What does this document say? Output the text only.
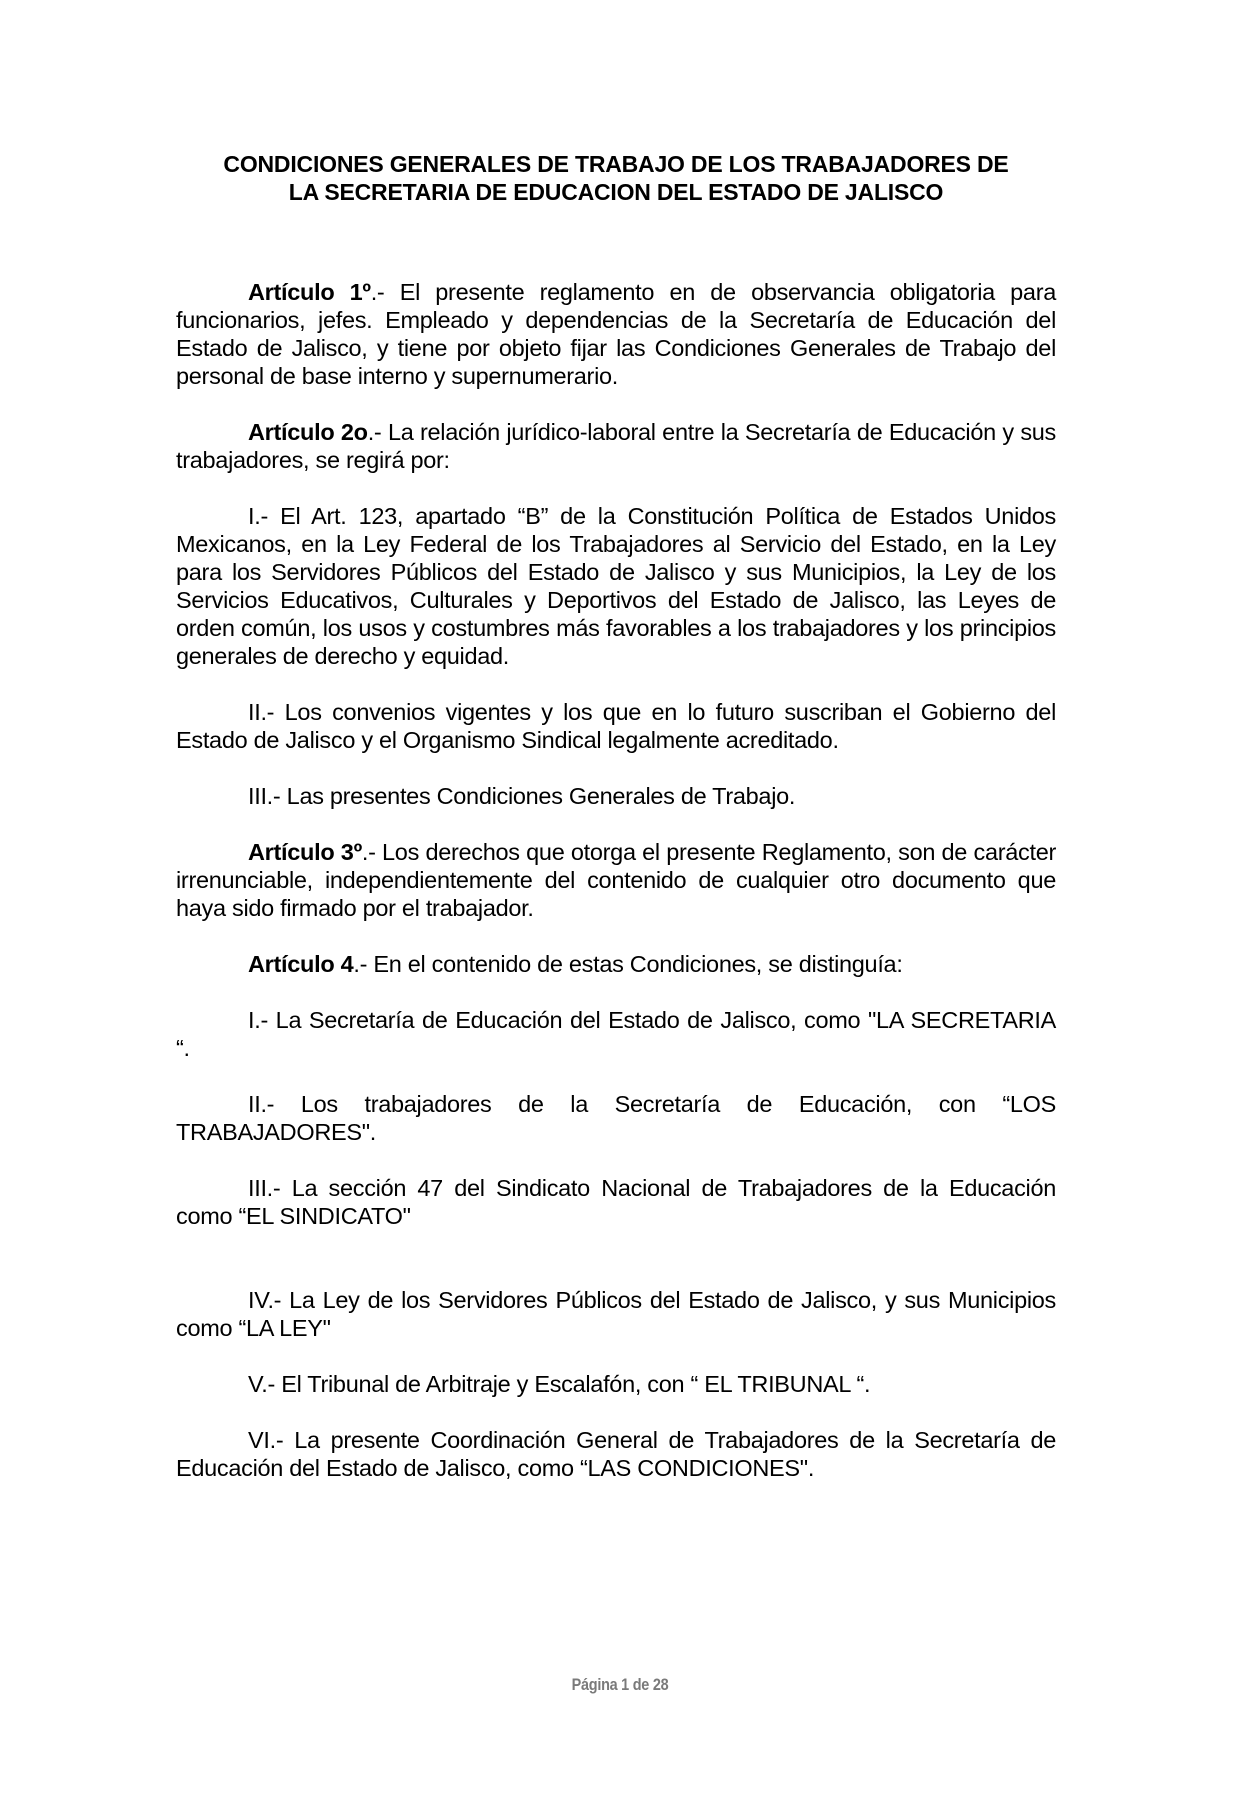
CONDICIONES GENERALES DE TRABAJO DE LOS TRABAJADORES DE
LA SECRETARIA DE EDUCACION DEL ESTADO DE JALISCO

Artículo 1º.- El presente reglamento en de observancia obligatoria para funcionarios, jefes. Empleado y dependencias de la Secretaría de Educación del Estado de Jalisco, y tiene por objeto fijar las Condiciones Generales de Trabajo del personal de base interno y supernumerario.

Artículo 2o.- La relación jurídico-laboral entre la Secretaría de Educación y sus trabajadores, se regirá por:

I.- El Art. 123, apartado “B” de la Constitución Política de Estados Unidos Mexicanos, en la Ley Federal de los Trabajadores al Servicio del Estado, en la Ley para los Servidores Públicos del Estado de Jalisco y sus Municipios, la Ley de los Servicios Educativos, Culturales y Deportivos del Estado de Jalisco, las Leyes de orden común, los usos y costumbres más favorables a los trabajadores y los principios generales de derecho y equidad.

II.- Los convenios vigentes y los que en lo futuro suscriban el Gobierno del Estado de Jalisco y el Organismo Sindical legalmente acreditado.

III.- Las presentes Condiciones Generales de Trabajo.

Artículo 3º.- Los derechos que otorga el presente Reglamento, son de carácter irrenunciable, independientemente del contenido de cualquier otro documento que haya sido firmado por el trabajador.

Artículo 4.- En el contenido de estas Condiciones, se distinguía:

I.- La Secretaría de Educación del Estado de Jalisco, como "LA SECRETARIA “.

II.- Los trabajadores de la Secretaría de Educación, con “LOS TRABAJADORES".

III.- La sección 47 del Sindicato Nacional de Trabajadores de la Educación como “EL SINDICATO"

IV.- La Ley de los Servidores Públicos del Estado de Jalisco, y sus Municipios como “LA LEY"

V.- El Tribunal de Arbitraje y Escalafón, con “ EL TRIBUNAL “.

VI.- La presente Coordinación General de Trabajadores de la Secretaría de Educación del Estado de Jalisco, como “LAS CONDICIONES".

Página 1 de 28
